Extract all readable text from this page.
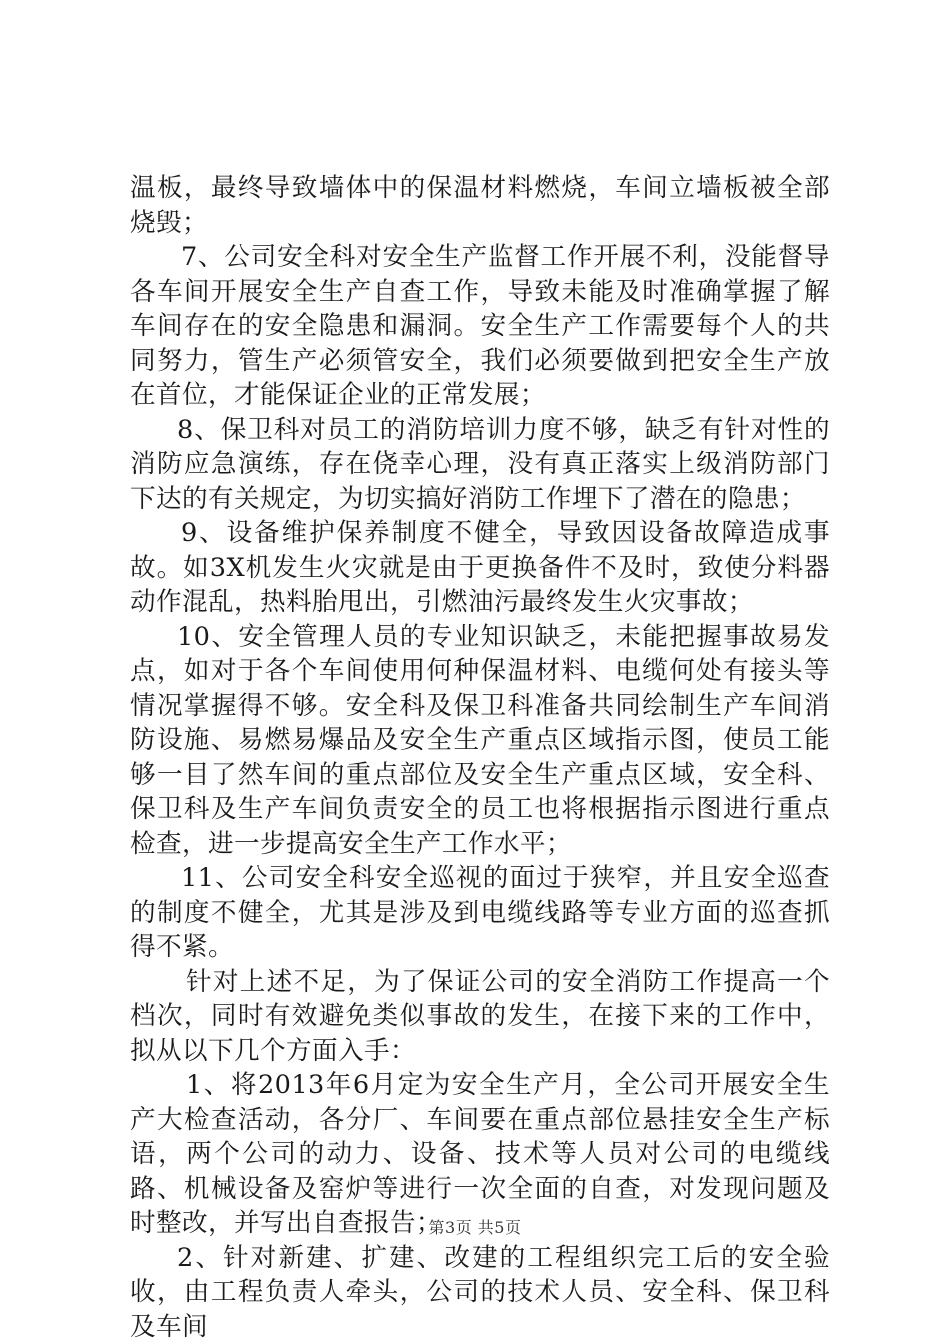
温板，最终导致墙体中的保温材料燃烧，车间立墙板被全部烧毁；

7、公司安全科对安全生产监督工作开展不利，没能督导各车间开展安全生产自查工作，导致未能及时准确掌握了解车间存在的安全隐患和漏洞。安全生产工作需要每个人的共同努力，管生产必须管安全，我们必须要做到把安全生产放在首位，才能保证企业的正常发展；

8、保卫科对员工的消防培训力度不够，缺乏有针对性的消防应急演练，存在侥幸心理，没有真正落实上级消防部门下达的有关规定，为切实搞好消防工作埋下了潜在的隐患；

9、设备维护保养制度不健全，导致因设备故障造成事故。如3X机发生火灾就是由于更换备件不及时，致使分料器动作混乱，热料胎甩出，引燃油污最终发生火灾事故；

10、安全管理人员的专业知识缺乏，未能把握事故易发点，如对于各个车间使用何种保温材料、电缆何处有接头等情况掌握得不够。安全科及保卫科准备共同绘制生产车间消防设施、易燃易爆品及安全生产重点区域指示图，使员工能够一目了然车间的重点部位及安全生产重点区域，安全科、保卫科及生产车间负责安全的员工也将根据指示图进行重点检查，进一步提高安全生产工作水平；

11、公司安全科安全巡视的面过于狭窄，并且安全巡查的制度不健全，尤其是涉及到电缆线路等专业方面的巡查抓得不紧。

针对上述不足，为了保证公司的安全消防工作提高一个档次，同时有效避免类似事故的发生，在接下来的工作中，拟从以下几个方面入手：

1、将2013年6月定为安全生产月，全公司开展安全生产大检查活动，各分厂、车间要在重点部位悬挂安全生产标语，两个公司的动力、设备、技术等人员对公司的电缆线路、机械设备及窑炉等进行一次全面的自查，对发现问题及时整改，并写出自查报告；

2、针对新建、扩建、改建的工程组织完工后的安全验收，由工程负责人牵头，公司的技术人员、安全科、保卫科及车间

第3页 共5页
